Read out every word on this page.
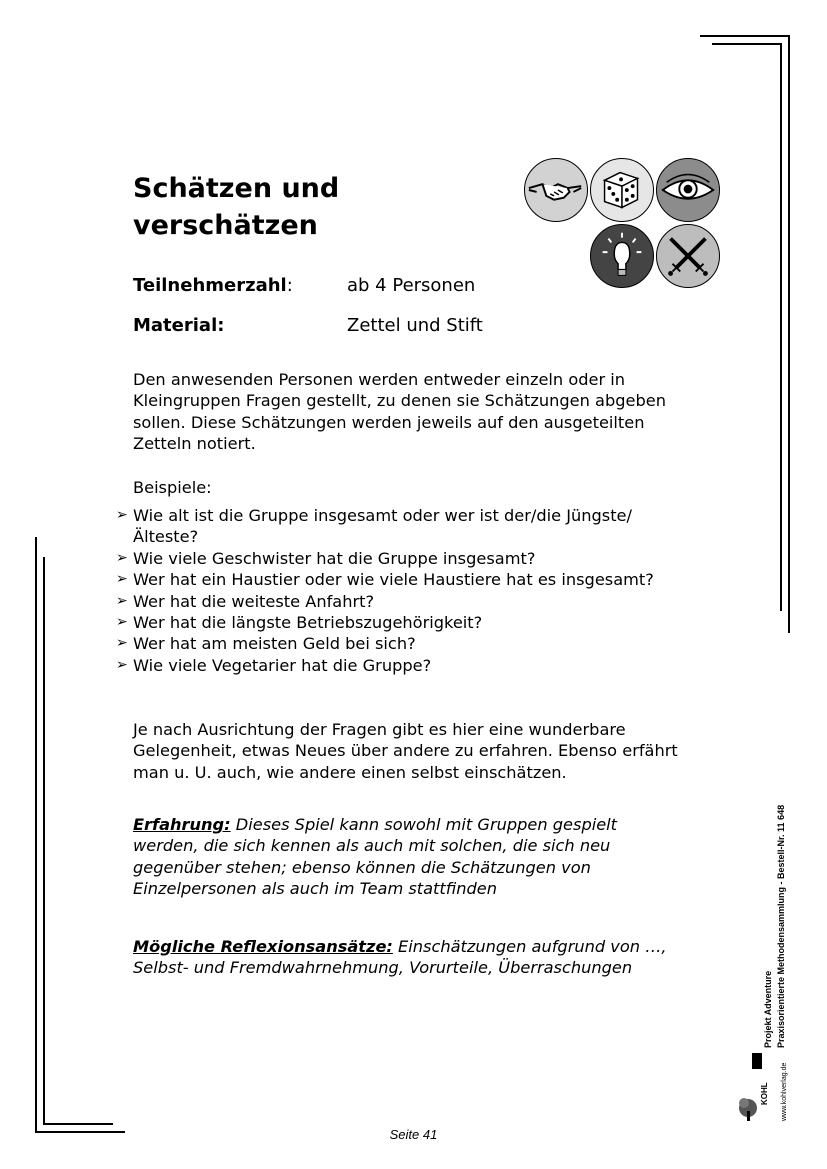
Schätzen und
verschätzen
Teilnehmerzahl:	ab 4 Personen
Material:	Zettel und Stift

Den anwesenden Personen werden entweder einzeln oder in Kleingruppen Fragen gestellt, zu denen sie Schätzungen abgeben sollen. Diese Schätzungen werden jeweils auf den ausgeteilten Zetteln notiert.

Beispiele:

➢ Wie alt ist die Gruppe insgesamt oder wer ist der/die Jüngste/Älteste?
➢ Wie viele Geschwister hat die Gruppe insgesamt?
➢ Wer hat ein Haustier oder wie viele Haustiere hat es insgesamt?
➢ Wer hat die weiteste Anfahrt?
➢ Wer hat die längste Betriebszugehörigkeit?
➢ Wer hat am meisten Geld bei sich?
➢ Wie viele Vegetarier hat die Gruppe?

Je nach Ausrichtung der Fragen gibt es hier eine wunderbare Gelegenheit, etwas Neues über andere zu erfahren. Ebenso erfährt man u. U. auch, wie andere einen selbst einschätzen.

Erfahrung: Dieses Spiel kann sowohl mit Gruppen gespielt werden, die sich kennen als auch mit solchen, die sich neu gegenüber stehen; ebenso können die Schätzungen von Einzelpersonen als auch im Team stattfinden

Mögliche Reflexionsansätze: Einschätzungen aufgrund von …, Selbst- und Fremdwahrnehmung, Vorurteile, Überraschungen

Projekt Adventure Praxisorientierte Methodensammlung - Bestell-Nr. 11 648
www.kohlverlag.de
KOHL
Seite 41
